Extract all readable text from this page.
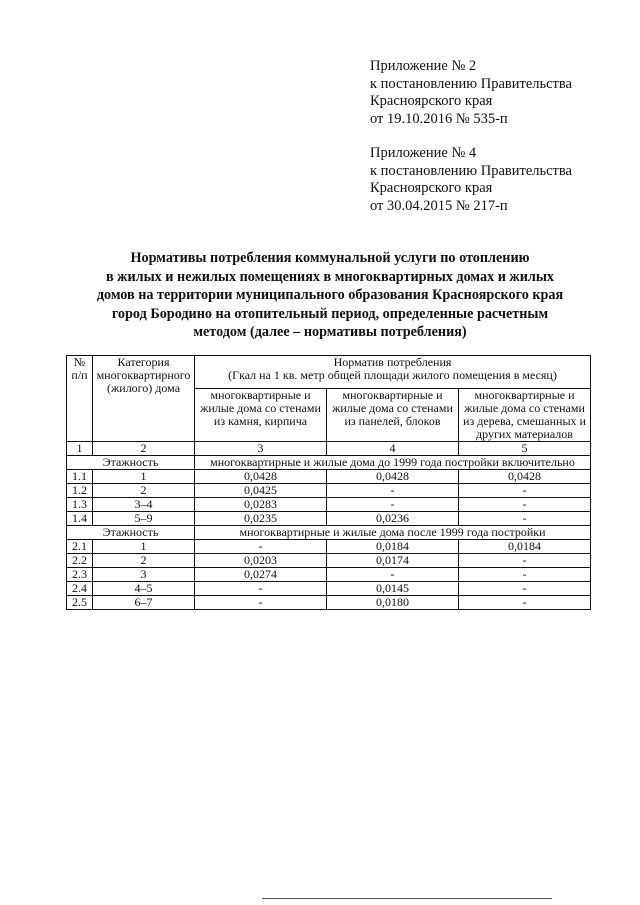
Приложение № 2
к постановлению Правительства
Красноярского края
от 19.10.2016 № 535-п
Приложение № 4
к постановлению Правительства
Красноярского края
от 30.04.2015 № 217-п
Нормативы потребления коммунальной услуги по отоплению
в жилых и нежилых помещениях в многоквартирных домах и жилых
домов на территории муниципального образования Красноярского края
город Бородино на отопительный период, определенные расчетным
методом (далее – нормативы потребления)
№ п/п	Категория многоквартирного (жилого) дома	Норматив потребления
(Гкал на 1 кв. метр общей площади жилого помещения в месяц)		

		многоквартирные и жилые дома со стенами из камня, кирпича	многоквартирные и жилые дома со стенами из панелей, блоков	многоквартирные и жилые дома со стенами из дерева, смешанных и других материалов
1	2	3	4	5
Этажность		многоквартирные и жилые дома до 1999 года постройки включительно		
1.1	1	0,0428	0,0428	0,0428
1.2	2	0,0425	-	-
1.3	3–4	0,0283	-	-
1.4	5–9	0,0235	0,0236	-
Этажность		многоквартирные и жилые дома после 1999 года постройки		
2.1	1	-	0,0184	0,0184
2.2	2	0,0203	0,0174	-
2.3	3	0,0274	-	-
2.4	4–5	-	0,0145	-
2.5	6–7	-	0,0180	-
